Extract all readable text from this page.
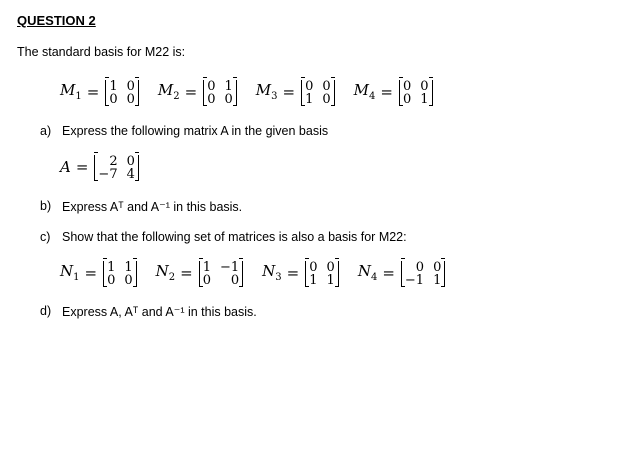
QUESTION 2
The standard basis for M22 is:
$M_1 = 1$ 0
0 0
$M_2 = 0$ 1
0 0
$M_3 = 0$ 0
1 0
$M_4 = 0$ 0
0 1
a) Express the following matrix A in the given basis
A =	2 0
−7 4
b) Express Aᵀ and A⁻¹ in this basis.
c) Show that the following set of matrices is also a basis for M22:
$N_1 = 1$ 1
0 0
$N_2 = 1 -1$
0	0
$N_3 = 0$ 0
1 1
$N_4$ =	0 0
−1 1
d) Express A, Aᵀ and A⁻¹ in this basis.
